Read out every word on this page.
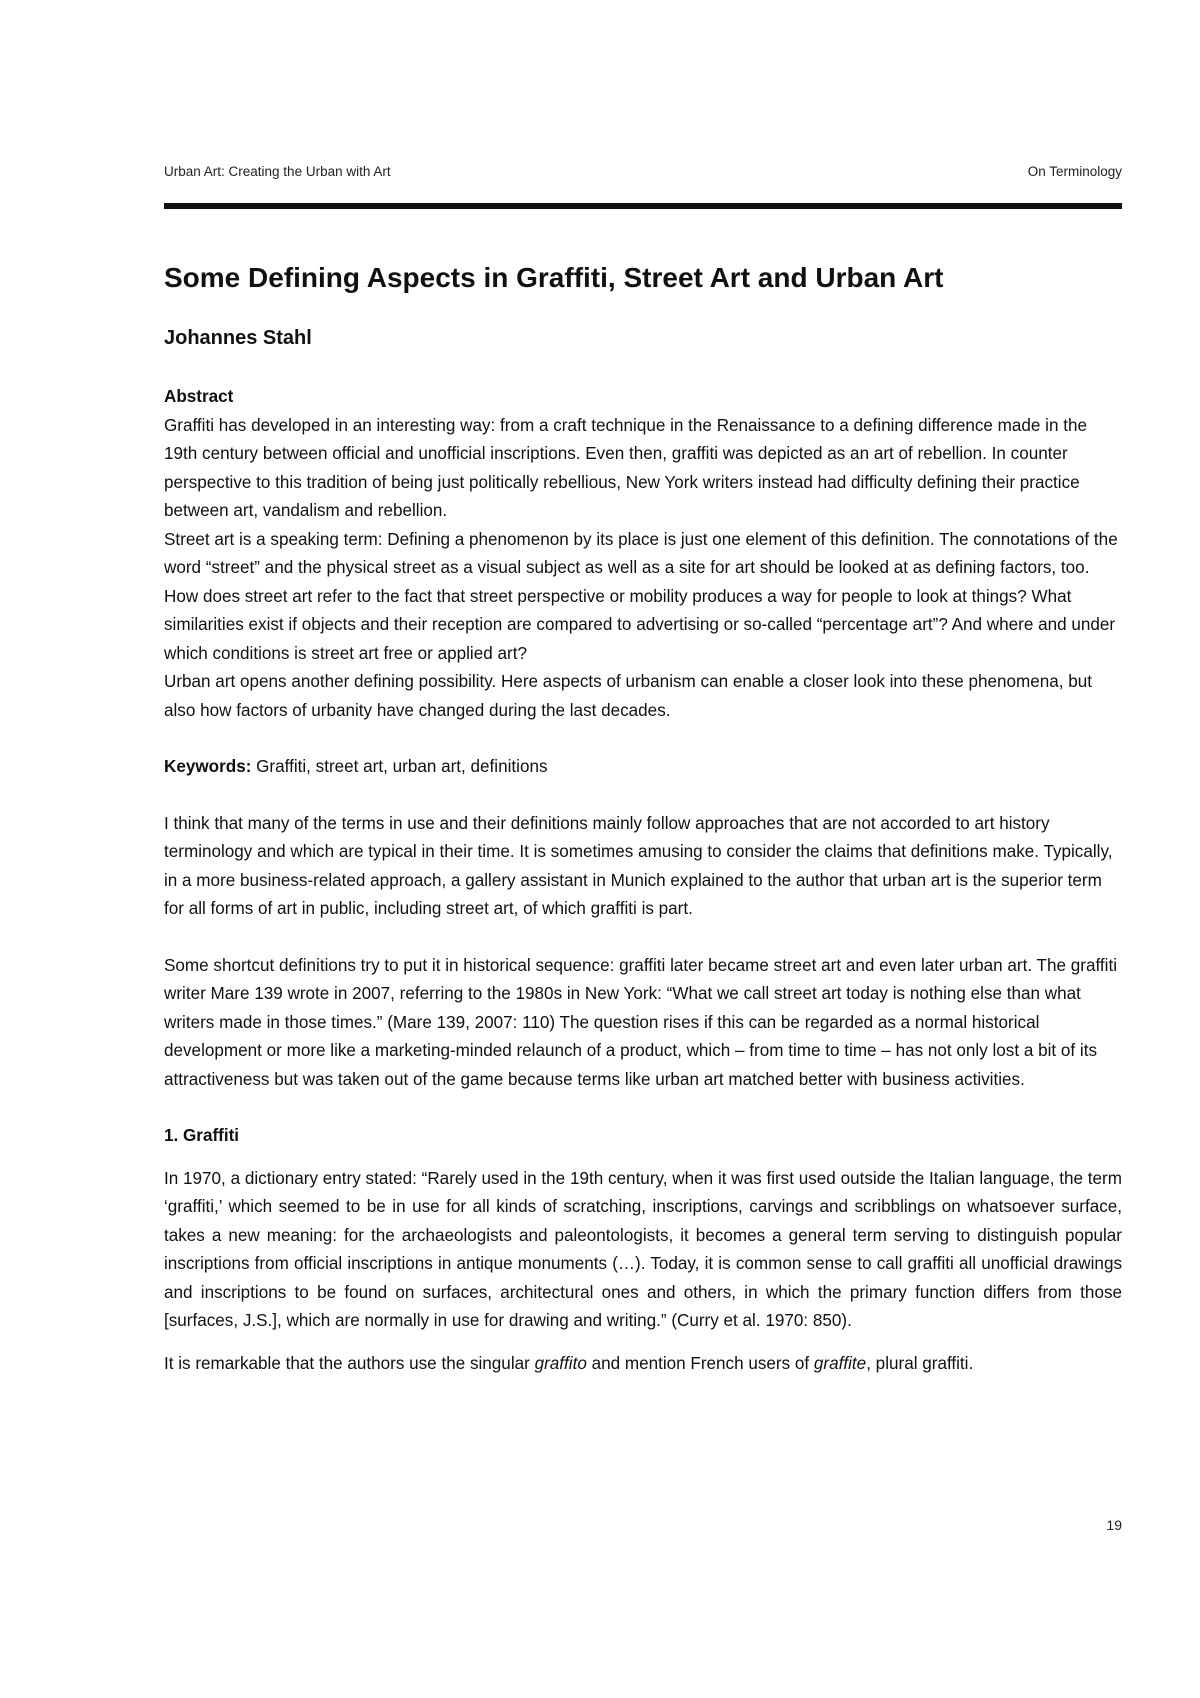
Urban Art: Creating the Urban with Art	On Terminology
Some Defining Aspects in Graffiti, Street Art and Urban Art
Johannes Stahl

Abstract

Graffiti has developed in an interesting way: from a craft technique in the Renaissance to a defining difference made in the 19th century between official and unofficial inscriptions. Even then, graffiti was depicted as an art of rebellion. In counter perspective to this tradition of being just politically rebellious, New York writers instead had difficulty defining their practice between art, vandalism and rebellion.

Street art is a speaking term: Defining a phenomenon by its place is just one element of this definition. The connotations of the word “street” and the physical street as a visual subject as well as a site for art should be looked at as defining factors, too. How does street art refer to the fact that street perspective or mobility produces a way for people to look at things? What similarities exist if objects and their reception are compared to advertising or so-called “percentage art”? And where and under which conditions is street art free or applied art?

Urban art opens another defining possibility. Here aspects of urbanism can enable a closer look into these phenomena, but also how factors of urbanity have changed during the last decades.

Keywords: Graffiti, street art, urban art, definitions

I think that many of the terms in use and their definitions mainly follow approaches that are not accorded to art history terminology and which are typical in their time. It is sometimes amusing to consider the claims that definitions make. Typically, in a more business-related approach, a gallery assistant in Munich explained to the author that urban art is the superior term for all forms of art in public, including street art, of which graffiti is part.

Some shortcut definitions try to put it in historical sequence: graffiti later became street art and even later urban art. The graffiti writer Mare 139 wrote in 2007, referring to the 1980s in New York: “What we call street art today is nothing else than what writers made in those times.” (Mare 139, 2007: 110) The question rises if this can be regarded as a normal historical development or more like a marketing-minded relaunch of a product, which – from time to time – has not only lost a bit of its attractiveness but was taken out of the game because terms like urban art matched better with business activities.

1. Graffiti

In 1970, a dictionary entry stated: “Rarely used in the 19th century, when it was first used outside the Italian language, the term ‘graffiti,’ which seemed to be in use for all kinds of scratching, inscriptions, carvings and scribblings on whatsoever surface, takes a new meaning: for the archaeologists and paleontologists, it becomes a general term serving to distinguish popular inscriptions from official inscriptions in antique monuments (…). Today, it is common sense to call graffiti all unofficial drawings and inscriptions to be found on surfaces, architectural ones and others, in which the primary function differs from those [surfaces, J.S.], which are normally in use for drawing and writing.” (Curry et al. 1970: 850).

It is remarkable that the authors use the singular graffito and mention French users of graffite, plural graffiti.

19
